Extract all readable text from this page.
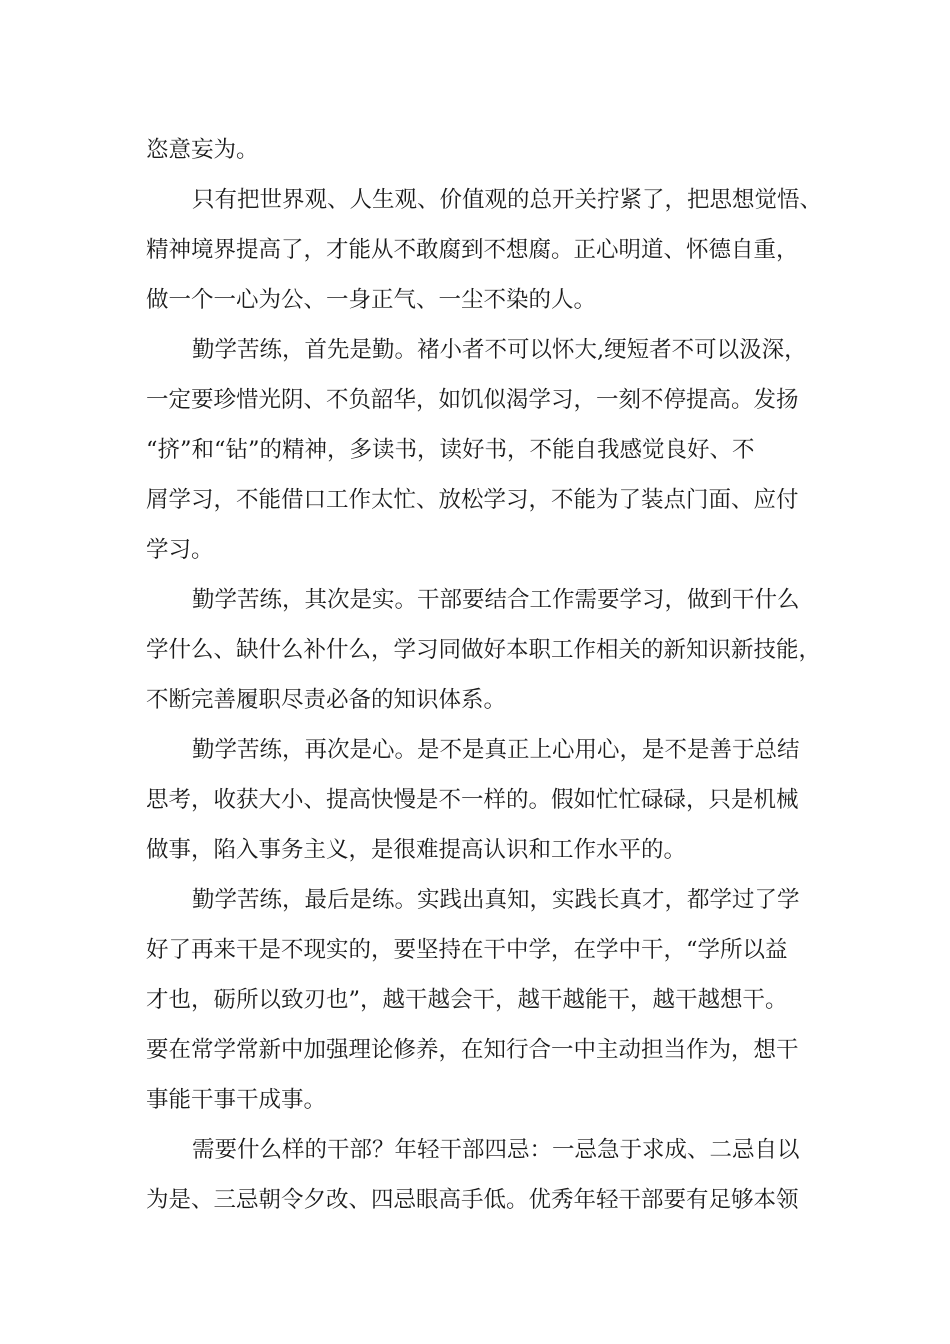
恣意妄为。
只有把世界观、人生观、价值观的总开关拧紧了，把思想觉悟、
精神境界提高了，才能从不敢腐到不想腐。正心明道、怀德自重，
做一个一心为公、一身正气、一尘不染的人。
勤学苦练，首先是勤。褚小者不可以怀大,绠短者不可以汲深，
一定要珍惜光阴、不负韶华，如饥似渴学习，一刻不停提高。发扬
“挤”和“钻”的精神，多读书，读好书，不能自我感觉良好、不
屑学习，不能借口工作太忙、放松学习，不能为了装点门面、应付
学习。
勤学苦练，其次是实。干部要结合工作需要学习，做到干什么
学什么、缺什么补什么，学习同做好本职工作相关的新知识新技能，
不断完善履职尽责必备的知识体系。
勤学苦练，再次是心。是不是真正上心用心，是不是善于总结
思考，收获大小、提高快慢是不一样的。假如忙忙碌碌，只是机械
做事，陷入事务主义，是很难提高认识和工作水平的。
勤学苦练，最后是练。实践出真知，实践长真才，都学过了学
好了再来干是不现实的，要坚持在干中学，在学中干，“学所以益
才也，砺所以致刃也”，越干越会干，越干越能干，越干越想干。
要在常学常新中加强理论修养，在知行合一中主动担当作为，想干
事能干事干成事。
需要什么样的干部？年轻干部四忌：一忌急于求成、二忌自以
为是、三忌朝令夕改、四忌眼高手低。优秀年轻干部要有足够本领
